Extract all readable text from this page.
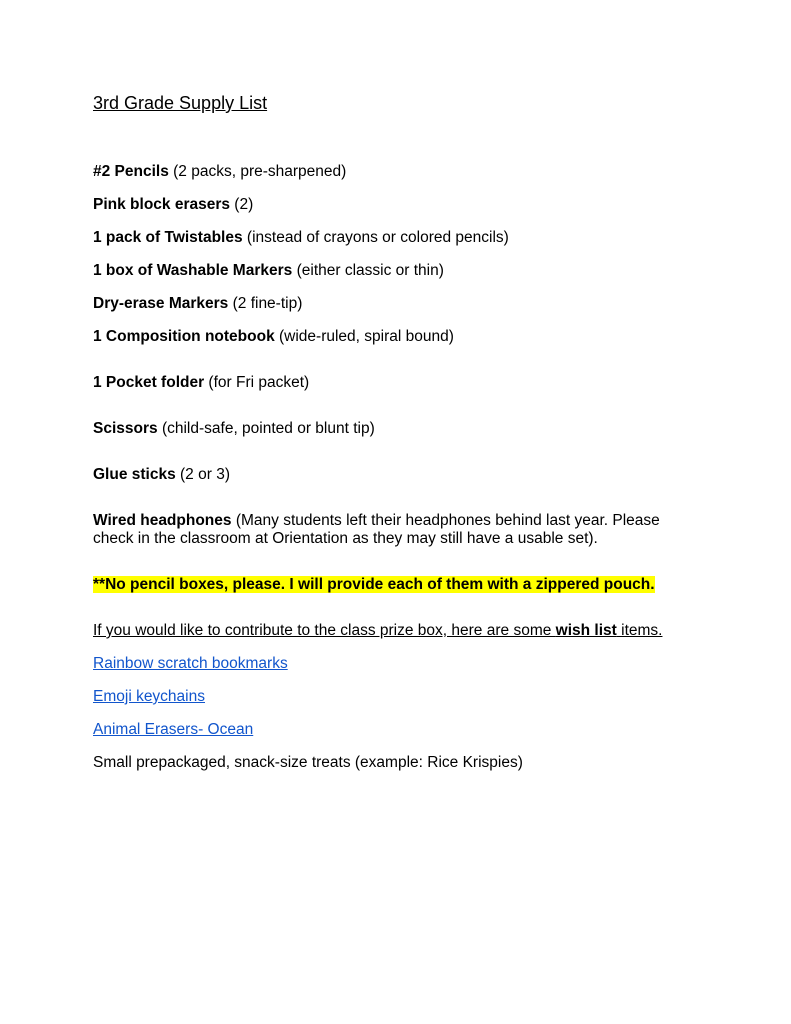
3rd Grade Supply List

#2 Pencils (2 packs, pre-sharpened)

Pink block erasers (2)

1 pack of Twistables (instead of crayons or colored pencils)

1 box of Washable Markers (either classic or thin)

Dry-erase Markers (2 fine-tip)

1 Composition notebook (wide-ruled, spiral bound)

1 Pocket folder (for Fri packet)

Scissors (child-safe, pointed or blunt tip)

Glue sticks (2 or 3)

Wired headphones (Many students left their headphones behind last year. Please check in the classroom at Orientation as they may still have a usable set).

**No pencil boxes, please. I will provide each of them with a zippered pouch.

If you would like to contribute to the class prize box, here are some wish list items.

Rainbow scratch bookmarks

Emoji keychains

Animal Erasers- Ocean

Small prepackaged, snack-size treats (example: Rice Krispies)
